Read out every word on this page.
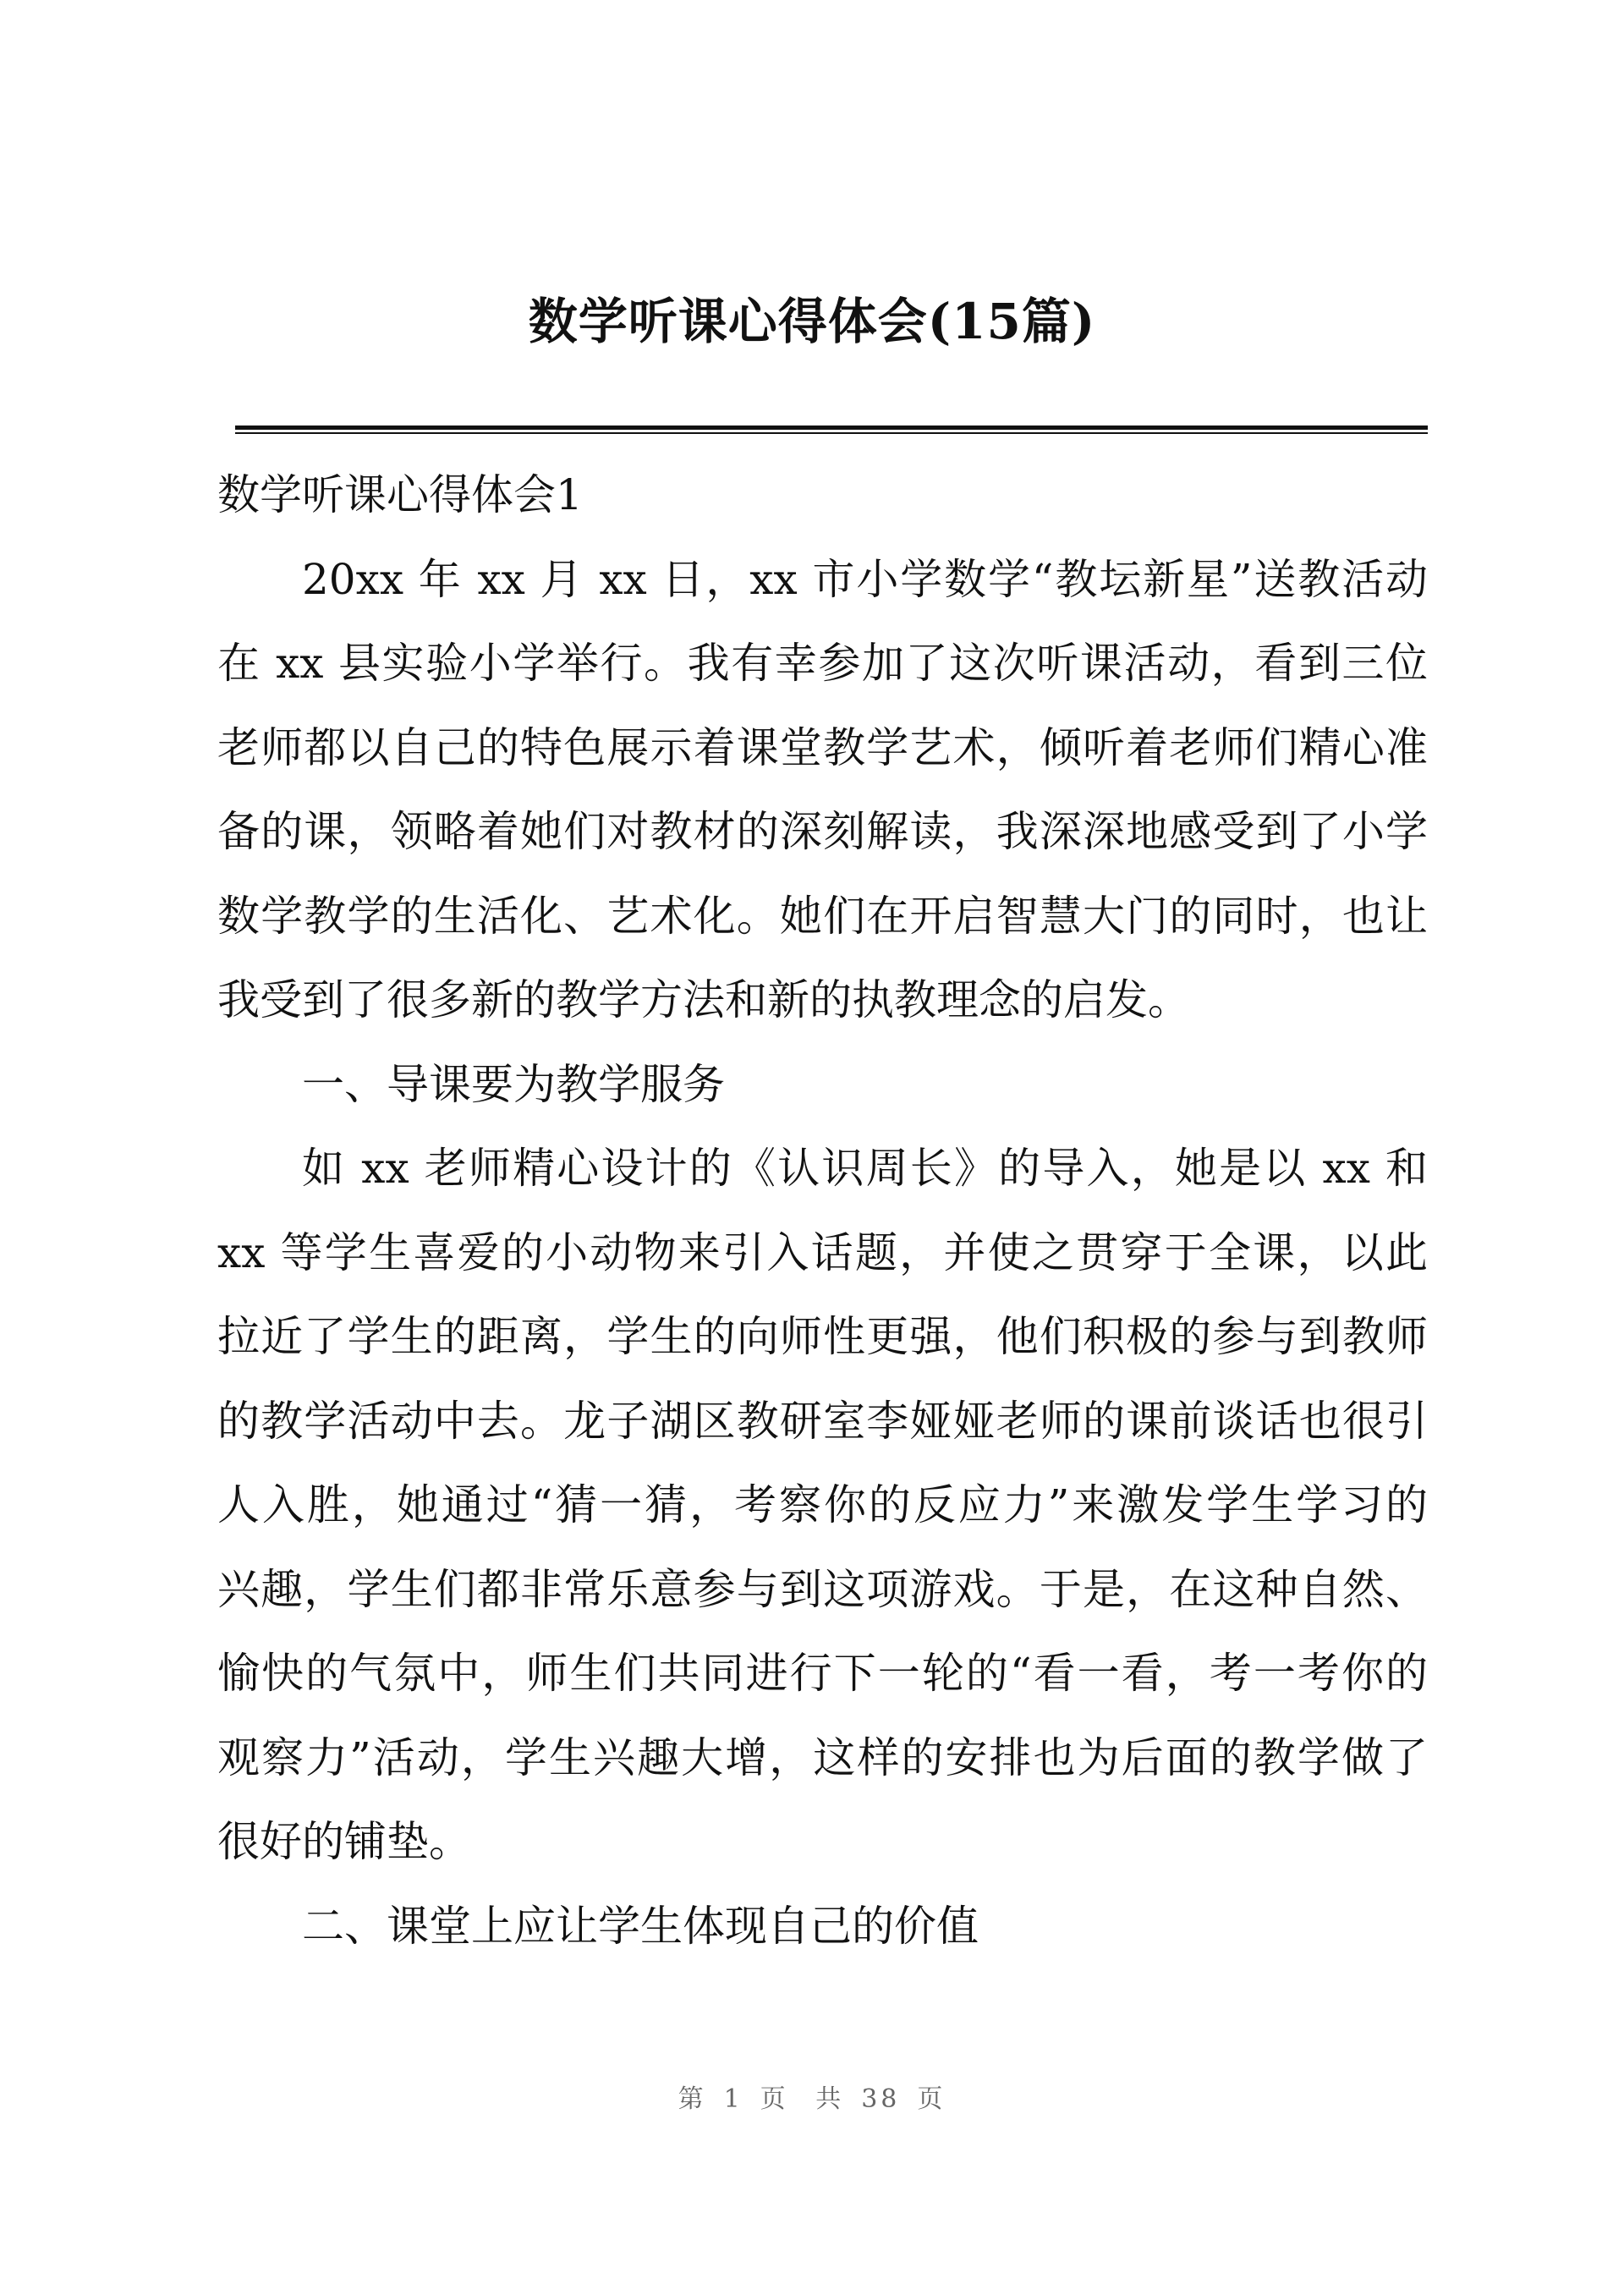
数学听课心得体会(15篇)
数学听课心得体会1
20xx 年 xx 月 xx 日，xx 市小学数学“教坛新星”送教活动
在 xx 县实验小学举行。我有幸参加了这次听课活动，看到三位
老师都以自己的特色展示着课堂教学艺术，倾听着老师们精心准
备的课，领略着她们对教材的深刻解读，我深深地感受到了小学
数学教学的生活化、艺术化。她们在开启智慧大门的同时，也让
我受到了很多新的教学方法和新的执教理念的启发。
一、导课要为教学服务
如 xx 老师精心设计的《认识周长》的导入，她是以 xx 和
xx 等学生喜爱的小动物来引入话题，并使之贯穿于全课，以此
拉近了学生的距离，学生的向师性更强，他们积极的参与到教师
的教学活动中去。龙子湖区教研室李娅娅老师的课前谈话也很引
人入胜，她通过“猜一猜，考察你的反应力”来激发学生学习的
兴趣，学生们都非常乐意参与到这项游戏。于是，在这种自然、
愉快的气氛中，师生们共同进行下一轮的“看一看，考一考你的
观察力”活动，学生兴趣大增，这样的安排也为后面的教学做了
很好的铺垫。
二、课堂上应让学生体现自己的价值
第 1 页 共 38 页
